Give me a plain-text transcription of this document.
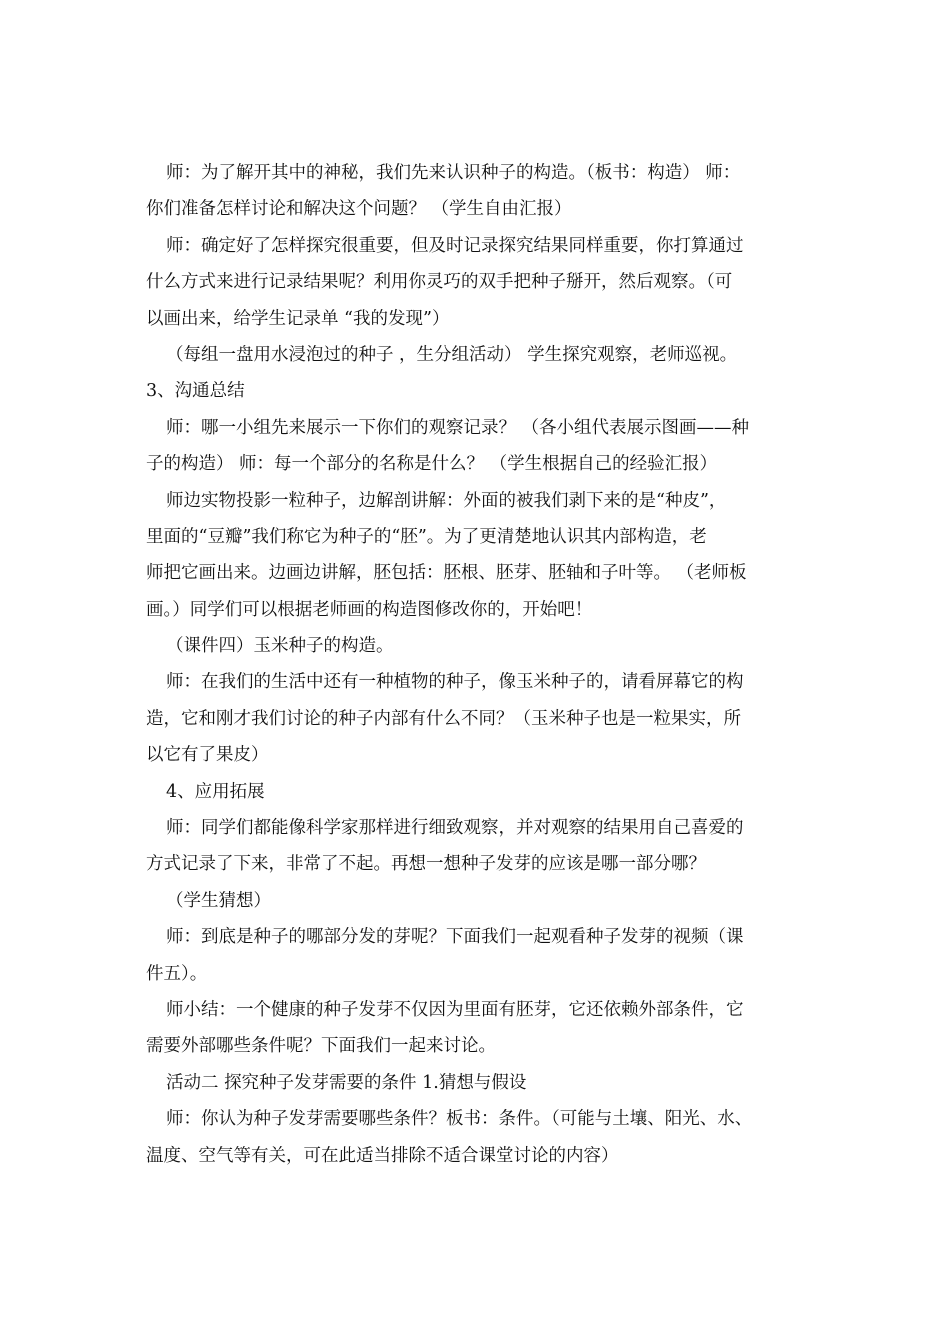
师：为了解开其中的神秘，我们先来认识种子的构造。（板书：构造） 师：
你们准备怎样讨论和解决这个问题？ （学生自由汇报）
师：确定好了怎样探究很重要，但及时记录探究结果同样重要，你打算通过
什么方式来进行记录结果呢？利用你灵巧的双手把种子掰开，然后观察。（可
以画出来，给学生记录单 “我的发现”）
（每组一盘用水浸泡过的种子 ，生分组活动） 学生探究观察，老师巡视。
3、沟通总结
师：哪一小组先来展示一下你们的观察记录？ （各小组代表展示图画——种
子的构造） 师：每一个部分的名称是什么？ （学生根据自己的经验汇报）
师边实物投影一粒种子，边解剖讲解：外面的被我们剥下来的是“种皮”，
里面的“豆瓣”我们称它为种子的“胚”。为了更清楚地认识其内部构造，老
师把它画出来。边画边讲解，胚包括：胚根、胚芽、胚轴和子叶等。 （老师板
画。）同学们可以根据老师画的构造图修改你的，开始吧！
（课件四）玉米种子的构造。
师：在我们的生活中还有一种植物的种子，像玉米种子的，请看屏幕它的构
造，它和刚才我们讨论的种子内部有什么不同？（玉米种子也是一粒果实，所
以它有了果皮）
4、应用拓展
师：同学们都能像科学家那样进行细致观察，并对观察的结果用自己喜爱的
方式记录了下来，非常了不起。再想一想种子发芽的应该是哪一部分哪？
（学生猜想）
师：到底是种子的哪部分发的芽呢？下面我们一起观看种子发芽的视频（课
件五）。
师小结：一个健康的种子发芽不仅因为里面有胚芽，它还依赖外部条件，它
需要外部哪些条件呢？下面我们一起来讨论。
活动二 探究种子发芽需要的条件 1.猜想与假设
师：你认为种子发芽需要哪些条件？板书：条件。（可能与土壤、阳光、水、
温度、空气等有关，可在此适当排除不适合课堂讨论的内容）
